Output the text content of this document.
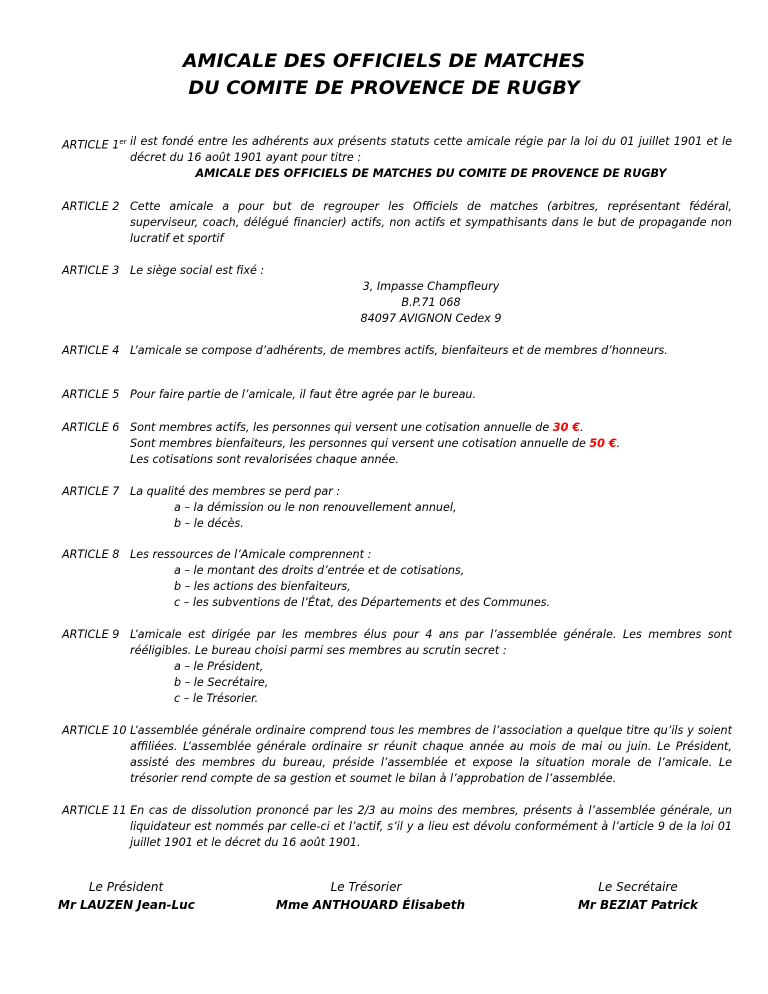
AMICALE DES OFFICIELS DE MATCHES
DU COMITE DE PROVENCE DE RUGBY
ARTICLE 1er il est fondé entre les adhérents aux présents statuts cette amicale régie par la loi du 01 juillet 1901 et le décret du 16 août 1901 ayant pour titre :
AMICALE DES OFFICIELS DE MATCHES DU COMITE DE PROVENCE DE RUGBY
ARTICLE 2 Cette amicale a pour but de regrouper les Officiels de matches (arbitres, représentant fédéral, superviseur, coach, délégué financier) actifs, non actifs et sympathisants dans le but de propagande non lucratif et sportif
ARTICLE 3 Le siège social est fixé :
3, Impasse Champfleury
B.P.71 068
84097 AVIGNON Cedex 9
ARTICLE 4 L’amicale se compose d’adhérents, de membres actifs, bienfaiteurs et de membres d’honneurs.
ARTICLE 5 Pour faire partie de l’amicale, il faut être agrée par le bureau.
ARTICLE 6 Sont membres actifs, les personnes qui versent une cotisation annuelle de 30 €.
Sont membres bienfaiteurs, les personnes qui versent une cotisation annuelle de 50 €.
Les cotisations sont revalorisées chaque année.
ARTICLE 7 La qualité des membres se perd par :
a – la démission ou le non renouvellement annuel,
b – le décès.
ARTICLE 8 Les ressources de l’Amicale comprennent :
a – le montant des droits d’entrée et de cotisations,
b – les actions des bienfaiteurs,
c – les subventions de l’État, des Départements et des Communes.
ARTICLE 9 L’amicale est dirigée par les membres élus pour 4 ans par l’assemblée générale. Les membres sont rééligibles. Le bureau choisi parmi ses membres au scrutin secret :
a – le Président,
b – le Secrétaire,
c – le Trésorier.
ARTICLE 10 L’assemblée générale ordinaire comprend tous les membres de l’association a quelque titre qu’ils y soient affiliées. L’assemblée générale ordinaire sr réunit chaque année au mois de mai ou juin. Le Président, assisté des membres du bureau, préside l’assemblée et expose la situation morale de l’amicale. Le trésorier rend compte de sa gestion et soumet le bilan à l’approbation de l’assemblée.
ARTICLE 11 En cas de dissolution prononcé par les 2/3 au moins des membres, présents à l’assemblée générale, un liquidateur est nommés par celle-ci et l’actif, s’il y a lieu est dévolu conformément à l’article 9 de la loi 01 juillet 1901 et le décret du 16 août 1901.
Le Président
Mr LAUZEN Jean-Luc
Le Trésorier
Mme ANTHOUARD Élisabeth
Le Secrétaire
Mr BEZIAT Patrick
